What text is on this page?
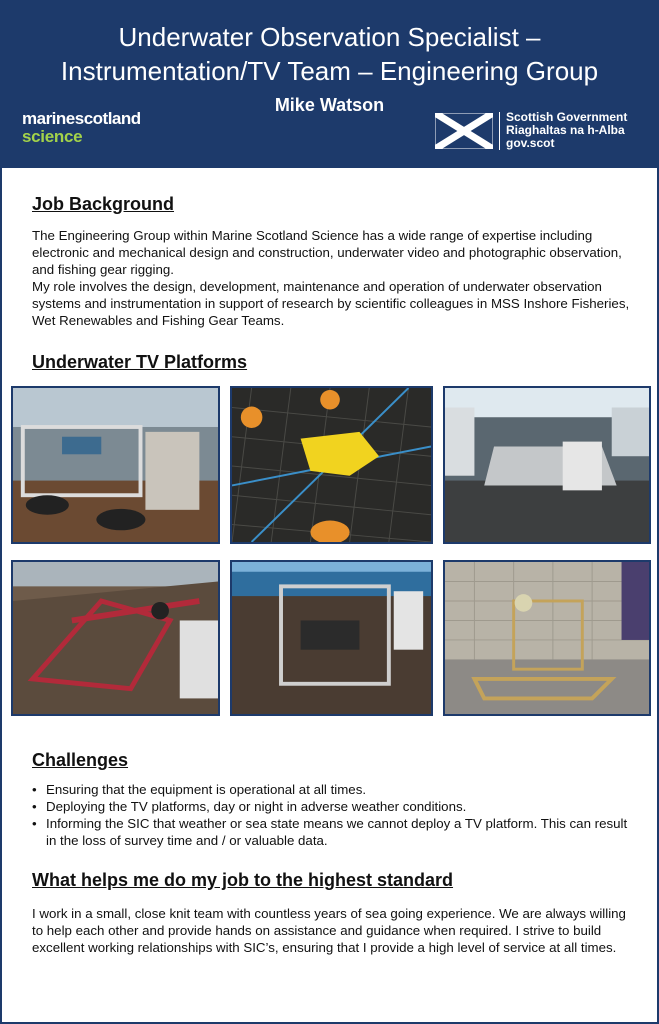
Underwater Observation Specialist –
Instrumentation/TV Team – Engineering Group
Mike Watson
marinescotland
science
Scottish Government
Riaghaltas na h-Alba
gov.scot
Job Background

The Engineering Group within Marine Scotland Science has a wide range of expertise including electronic and mechanical design and construction, underwater video and photographic observation, and fishing gear rigging.

My role involves the design, development, maintenance and operation of underwater observation systems and instrumentation in support of research by scientific colleagues in MSS Inshore Fisheries, Wet Renewables and Fishing Gear Teams.

Underwater TV Platforms
Challenges
• Ensuring that the equipment is operational at all times.
• Deploying the TV platforms, day or night in adverse weather conditions.
• Informing the SIC that weather or sea state means we cannot deploy a TV platform. This can result in the loss of survey time and / or valuable data.
What helps me do my job to the highest standard

I work in a small, close knit team with countless years of sea going experience. We are always willing to help each other and provide hands on assistance and guidance when required. I strive to build excellent working relationships with SIC’s, ensuring that I provide a high level of service at all times.
